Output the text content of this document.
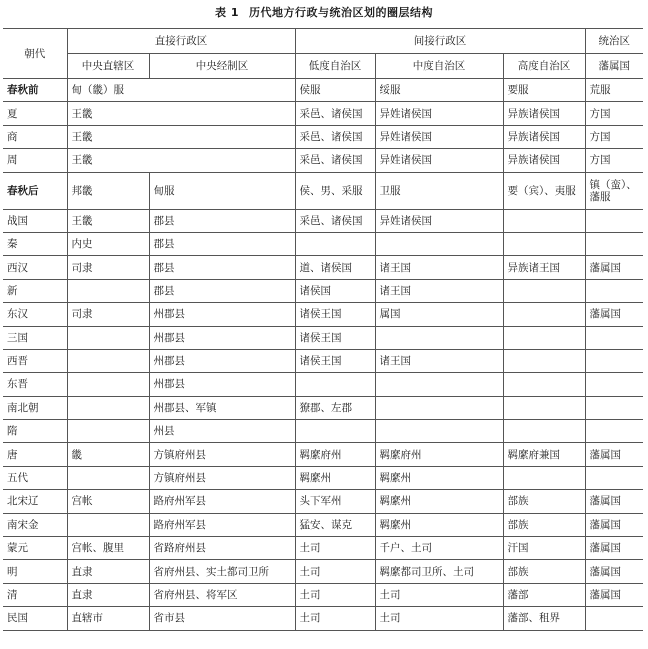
表 1 历代地方行政与统治区划的圈层结构
朝代	直接行政区		间接行政区			统治区
	中央直辖区	中央经制区	低度自治区	中度自治区	高度自治区	藩属国
春秋前	甸（畿）服		侯服	绥服	要服	荒服
夏	王畿		采邑、诸侯国	异姓诸侯国	异族诸侯国	方国
商	王畿		采邑、诸侯国	异姓诸侯国	异族诸侯国	方国
周	王畿		采邑、诸侯国	异姓诸侯国	异族诸侯国	方国
春秋后	邦畿	甸服	侯、男、采服	卫服	要（宾）、夷服	镇（蛮）、藩服
战国	王畿	郡县	采邑、诸侯国	异姓诸侯国		
秦	内史	郡县				
西汉	司隶	郡县	道、诸侯国	诸王国	异族诸王国	藩属国
新		郡县	诸侯国	诸王国		
东汉	司隶	州郡县	诸侯王国	属国		藩属国
三国		州郡县	诸侯王国			
西晋		州郡县	诸侯王国	诸王国		
东晋		州郡县				
南北朝		州郡县、军镇	獠郡、左郡			
隋		州县				
唐	畿	方镇府州县	羁縻府州	羁縻府州	羁縻府兼国	藩属国
五代		方镇府州县	羁縻州	羁縻州		
北宋辽	宫帐	路府州军县	头下军州	羁縻州	部族	藩属国
南宋金		路府州军县	猛安、谋克	羁縻州	部族	藩属国
蒙元	宫帐、腹里	省路府州县	土司	千户、土司	汗国	藩属国
明	直隶	省府州县、实土都司卫所	土司	羁縻都司卫所、土司	部族	藩属国
清	直隶	省府州县、将军区	土司	土司	藩部	藩属国
民国	直辖市	省市县	土司	土司	藩部、租界	
